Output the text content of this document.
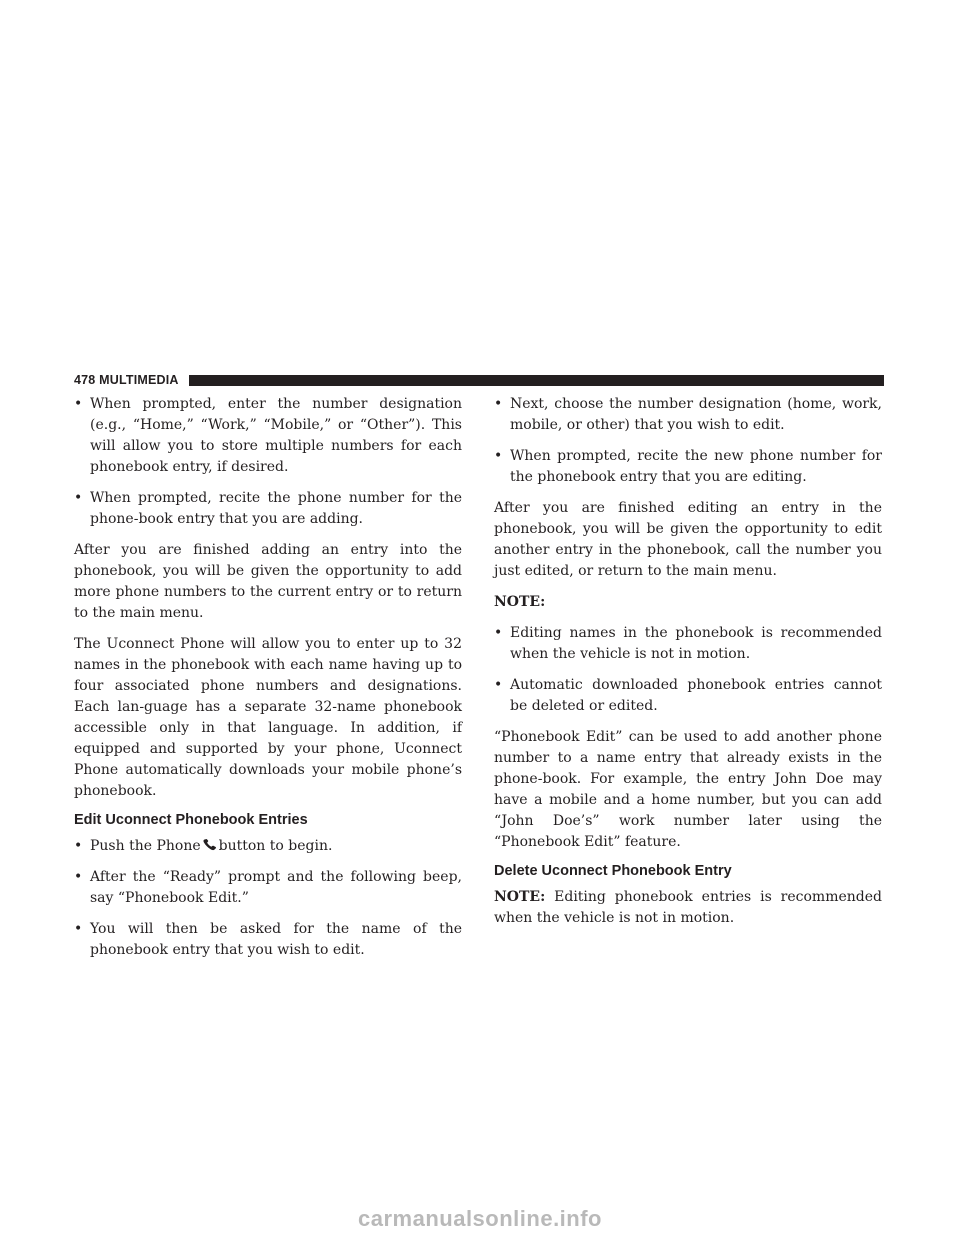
478 MULTIMEDIA
• When prompted, enter the number designation (e.g., “Home,” “Work,” “Mobile,” or “Other”). This will allow you to store multiple numbers for each phonebook entry, if desired.
• When prompted, recite the phone number for the phone-book entry that you are adding.

After you are finished adding an entry into the phonebook, you will be given the opportunity to add more phone numbers to the current entry or to return to the main menu.

The Uconnect Phone will allow you to enter up to 32 names in the phonebook with each name having up to four associated phone numbers and designations. Each lan-guage has a separate 32-name phonebook accessible only in that language. In addition, if equipped and supported by your phone, Uconnect Phone automatically downloads your mobile phone’s phonebook.

Edit Uconnect Phonebook Entries
• Push the Phone button to begin.
• After the “Ready” prompt and the following beep, say “Phonebook Edit.”
• You will then be asked for the name of the phonebook entry that you wish to edit.
• Next, choose the number designation (home, work, mobile, or other) that you wish to edit.
• When prompted, recite the new phone number for the phonebook entry that you are editing.

After you are finished editing an entry in the phonebook, you will be given the opportunity to edit another entry in the phonebook, call the number you just edited, or return to the main menu.

NOTE:

• Editing names in the phonebook is recommended when the vehicle is not in motion.
• Automatic downloaded phonebook entries cannot be deleted or edited.

“Phonebook Edit” can be used to add another phone number to a name entry that already exists in the phone-book. For example, the entry John Doe may have a mobile and a home number, but you can add “John Doe’s” work number later using the “Phonebook Edit” feature.

Delete Uconnect Phonebook Entry

NOTE: Editing phonebook entries is recommended when the vehicle is not in motion.

carmanualsonline.info
